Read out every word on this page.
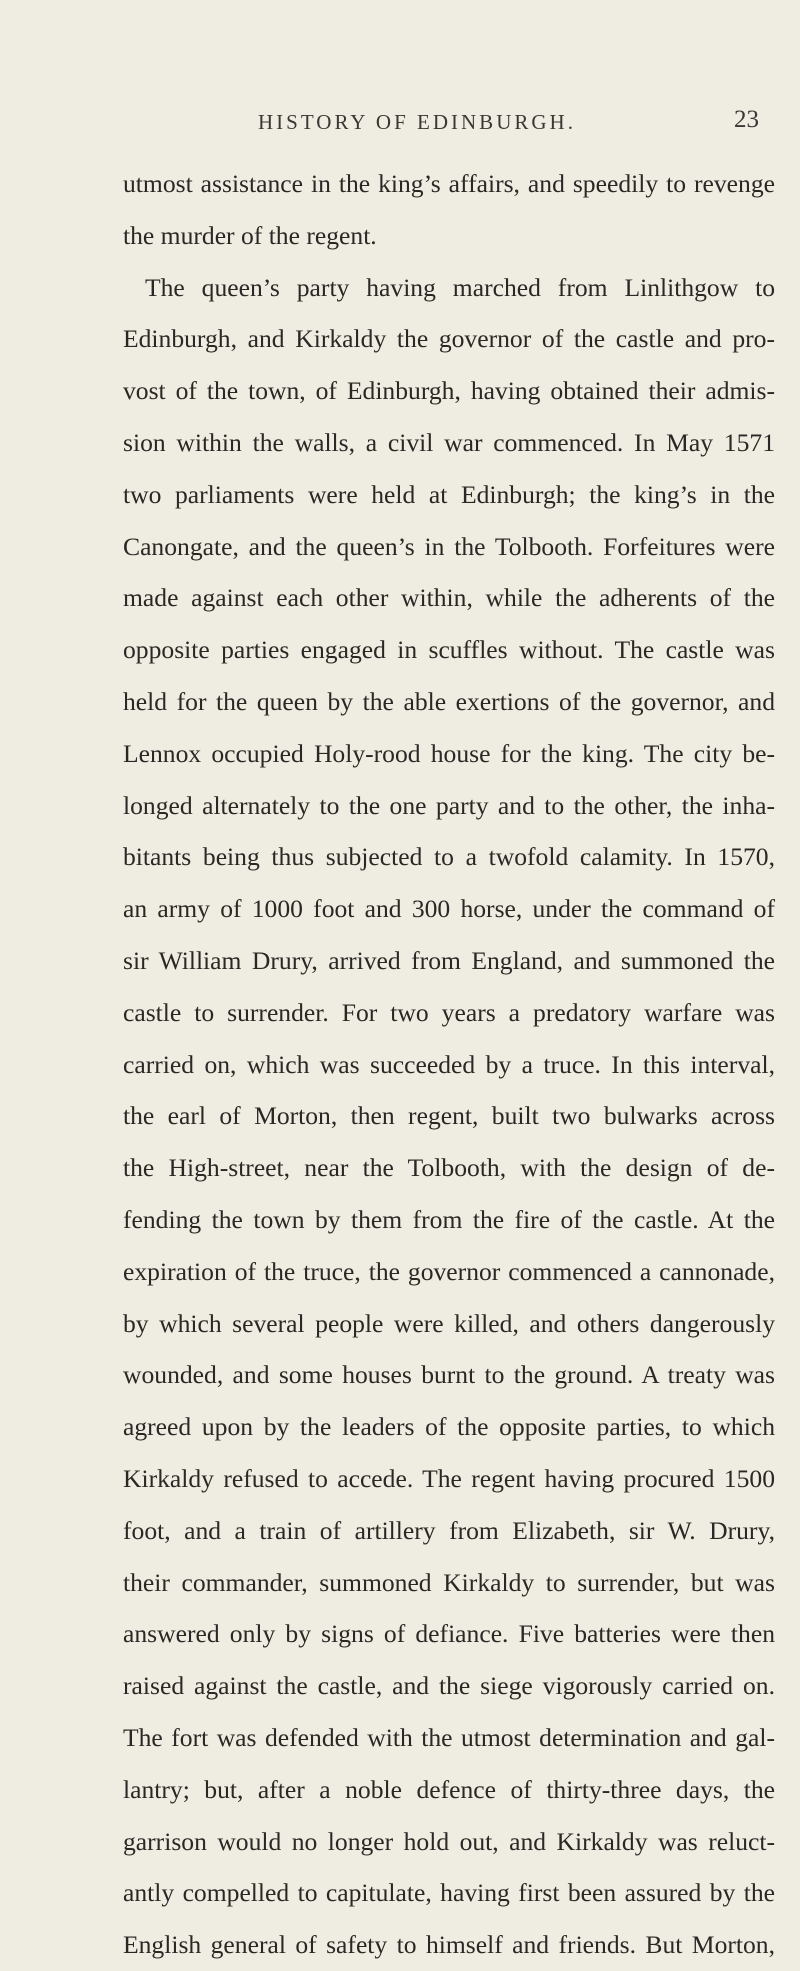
HISTORY OF EDINBURGH.	23
utmost assistance in the king’s affairs, and speedily to revenge
the murder of the regent.
The queen’s party having marched from Linlithgow to
Edinburgh, and Kirkaldy the governor of the castle and pro-
vost of the town, of Edinburgh, having obtained their admis-
sion within the walls, a civil war commenced. In May 1571
two parliaments were held at Edinburgh; the king’s in the
Canongate, and the queen’s in the Tolbooth. Forfeitures were
made against each other within, while the adherents of the
opposite parties engaged in scuffles without. The castle was
held for the queen by the able exertions of the governor, and
Lennox occupied Holy-rood house for the king. The city be-
longed alternately to the one party and to the other, the inha-
bitants being thus subjected to a twofold calamity. In 1570,
an army of 1000 foot and 300 horse, under the command of
sir William Drury, arrived from England, and summoned the
castle to surrender. For two years a predatory warfare was
carried on, which was succeeded by a truce. In this interval,
the earl of Morton, then regent, built two bulwarks across
the High-street, near the Tolbooth, with the design of de-
fending the town by them from the fire of the castle. At the
expiration of the truce, the governor commenced a cannonade,
by which several people were killed, and others dangerously
wounded, and some houses burnt to the ground. A treaty was
agreed upon by the leaders of the opposite parties, to which
Kirkaldy refused to accede. The regent having procured 1500
foot, and a train of artillery from Elizabeth, sir W. Drury,
their commander, summoned Kirkaldy to surrender, but was
answered only by signs of defiance. Five batteries were then
raised against the castle, and the siege vigorously carried on.
The fort was defended with the utmost determination and gal-
lantry; but, after a noble defence of thirty-three days, the
garrison would no longer hold out, and Kirkaldy was reluct-
antly compelled to capitulate, having first been assured by the
English general of safety to himself and friends. But Morton,
